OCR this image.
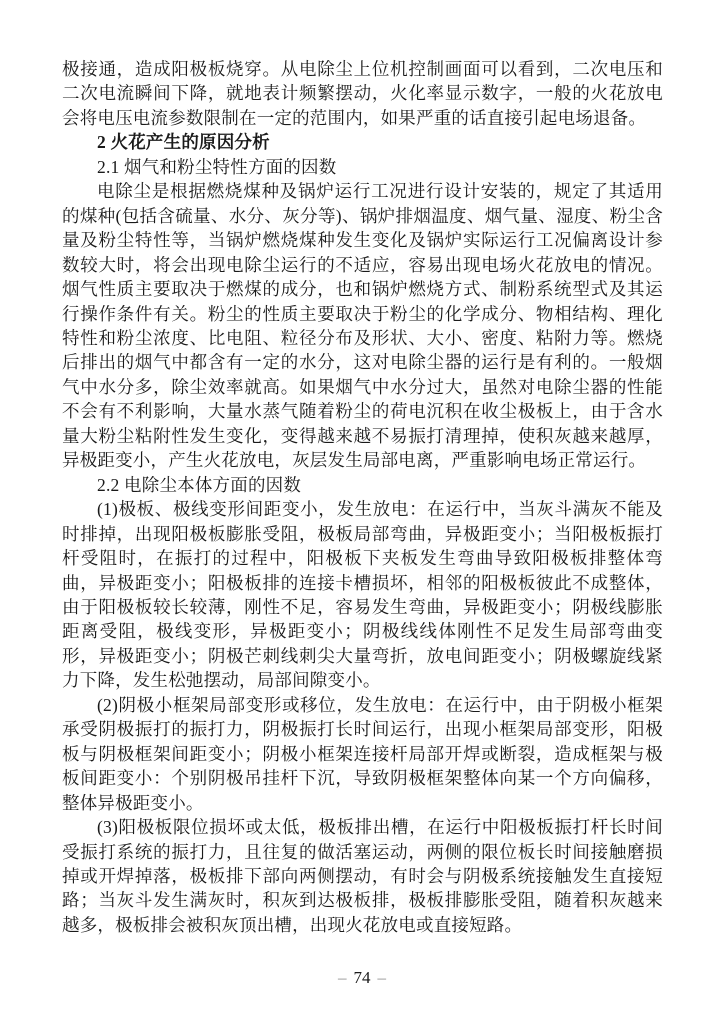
极接通，造成阳极板烧穿。从电除尘上位机控制画面可以看到，二次电压和二次电流瞬间下降，就地表计频繁摆动，火化率显示数字，一般的火花放电会将电压电流参数限制在一定的范围内，如果严重的话直接引起电场退备。

2 火花产生的原因分析

2.1 烟气和粉尘特性方面的因数

电除尘是根据燃烧煤种及锅炉运行工况进行设计安装的，规定了其适用的煤种(包括含硫量、水分、灰分等)、锅炉排烟温度、烟气量、湿度、粉尘含量及粉尘特性等，当锅炉燃烧煤种发生变化及锅炉实际运行工况偏离设计参数较大时，将会出现电除尘运行的不适应，容易出现电场火花放电的情况。烟气性质主要取决于燃煤的成分，也和锅炉燃烧方式、制粉系统型式及其运行操作条件有关。粉尘的性质主要取决于粉尘的化学成分、物相结构、理化特性和粉尘浓度、比电阻、粒径分布及形状、大小、密度、粘附力等。燃烧后排出的烟气中都含有一定的水分，这对电除尘器的运行是有利的。一般烟气中水分多，除尘效率就高。如果烟气中水分过大，虽然对电除尘器的性能不会有不利影响，大量水蒸气随着粉尘的荷电沉积在收尘极板上，由于含水量大粉尘粘附性发生变化，变得越来越不易振打清理掉，使积灰越来越厚，异极距变小，产生火花放电，灰层发生局部电离，严重影响电场正常运行。

2.2 电除尘本体方面的因数

(1)极板、极线变形间距变小，发生放电：在运行中，当灰斗满灰不能及时排掉，出现阳极板膨胀受阻，极板局部弯曲，异极距变小；当阳极板振打杆受阻时，在振打的过程中，阳极板下夹板发生弯曲导致阳极板排整体弯曲，异极距变小；阳极板排的连接卡槽损坏，相邻的阳极板彼此不成整体，由于阳极板较长较薄，刚性不足，容易发生弯曲，异极距变小；阴极线膨胀距离受阻，极线变形，异极距变小；阴极线线体刚性不足发生局部弯曲变形，异极距变小；阴极芒刺线刺尖大量弯折，放电间距变小；阴极螺旋线紧力下降，发生松弛摆动，局部间隙变小。

(2)阴极小框架局部变形或移位，发生放电：在运行中，由于阴极小框架承受阴极振打的振打力，阴极振打长时间运行，出现小框架局部变形，阳极板与阴极框架间距变小；阴极小框架连接杆局部开焊或断裂，造成框架与极板间距变小：个别阴极吊挂杆下沉，导致阴极框架整体向某一个方向偏移，整体异极距变小。

(3)阳极板限位损坏或太低，极板排出槽，在运行中阳极板振打杆长时间受振打系统的振打力，且往复的做活塞运动，两侧的限位板长时间接触磨损掉或开焊掉落，极板排下部向两侧摆动，有时会与阴极系统接触发生直接短路；当灰斗发生满灰时，积灰到达极板排，极板排膨胀受阻，随着积灰越来越多，极板排会被积灰顶出槽，出现火花放电或直接短路。

– 74 –
